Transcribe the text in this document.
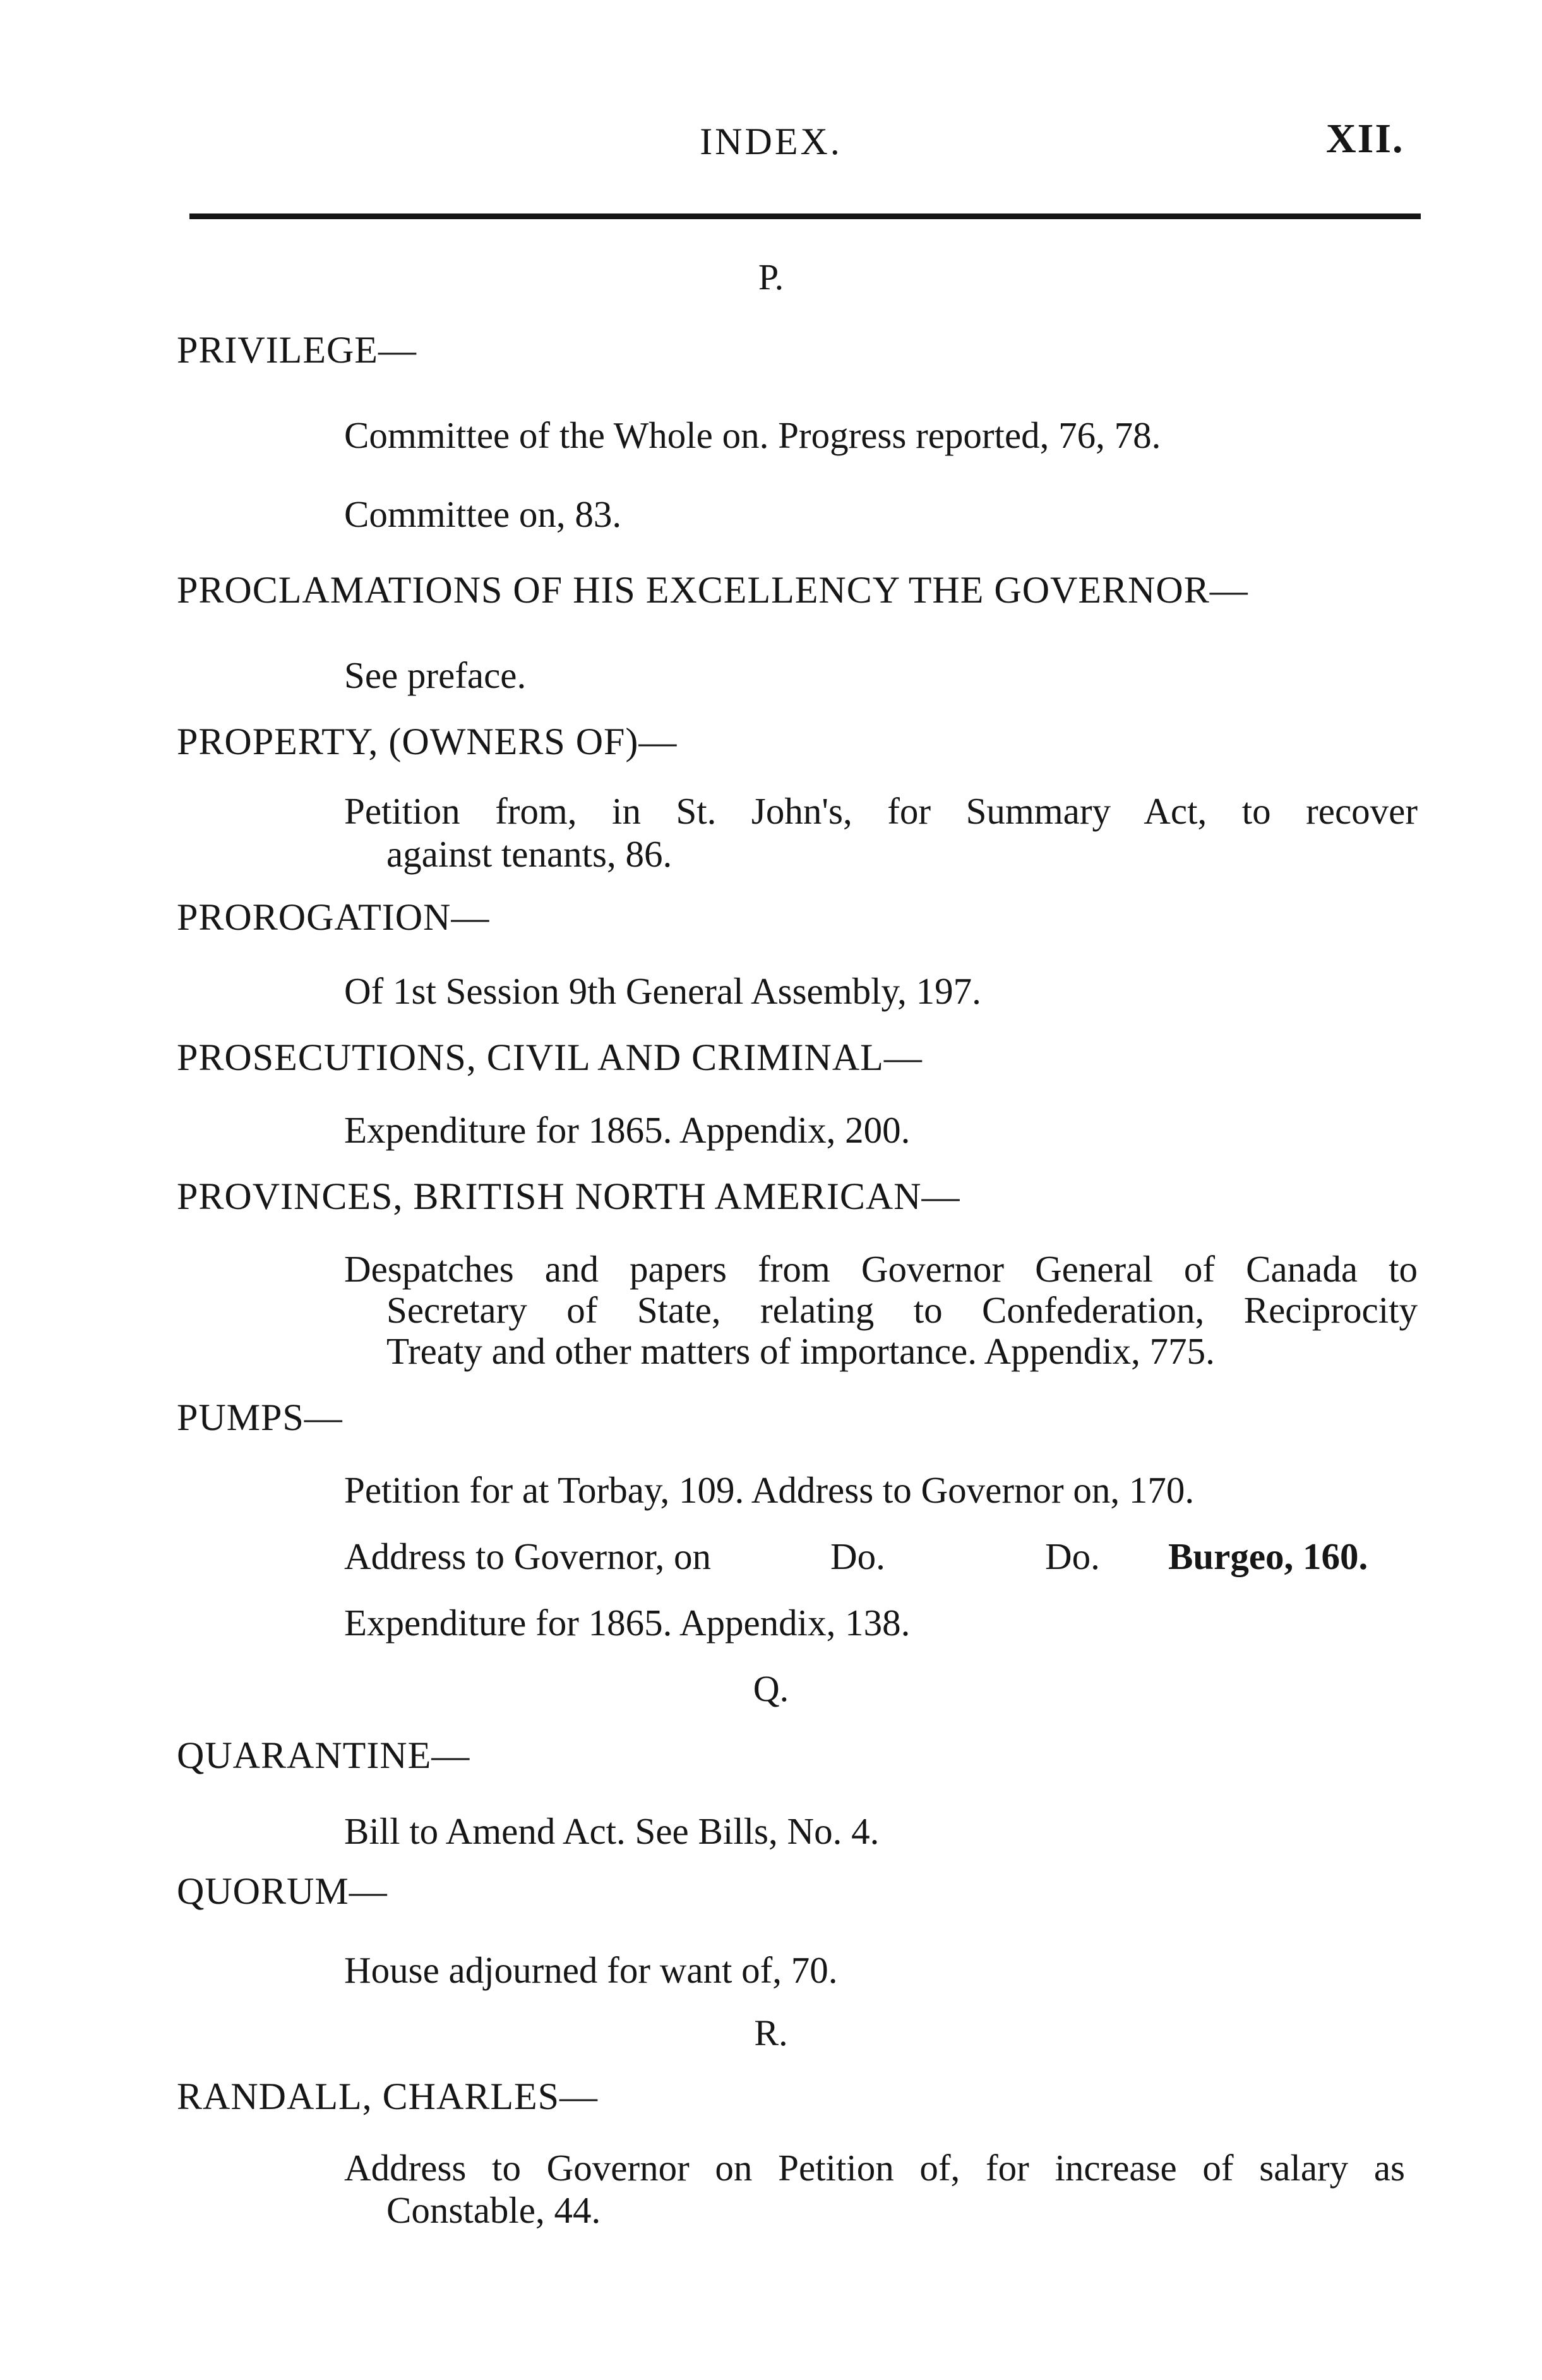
INDEX.	XII.
P.
PRIVILEGE—
Committee of the Whole on. Progress reported, 76, 78.
Committee on, 83.
PROCLAMATIONS OF HIS EXCELLENCY THE GOVERNOR—
See preface.
PROPERTY, (OWNERS OF)—
Petition from, in St. John's, for Summary Act, to recover
against tenants, 86.
PROROGATION—
Of 1st Session 9th General Assembly, 197.
PROSECUTIONS, CIVIL AND CRIMINAL—
Expenditure for 1865. Appendix, 200.
PROVINCES, BRITISH NORTH AMERICAN—
Despatches and papers from Governor General of Canada to
Secretary of State, relating to Confederation, Reciprocity
Treaty and other matters of importance. Appendix, 775.
PUMPS—
Petition for at Torbay, 109. Address to Governor on, 170.
Address to Governor, on	Do.	Do. Burgeo, 160.
Expenditure for 1865. Appendix, 138.
Q.
QUARANTINE—
Bill to Amend Act. See Bills, No. 4.
QUORUM—
House adjourned for want of, 70.
R.
RANDALL, CHARLES—
Address to Governor on Petition of, for increase of salary as
Constable, 44.
